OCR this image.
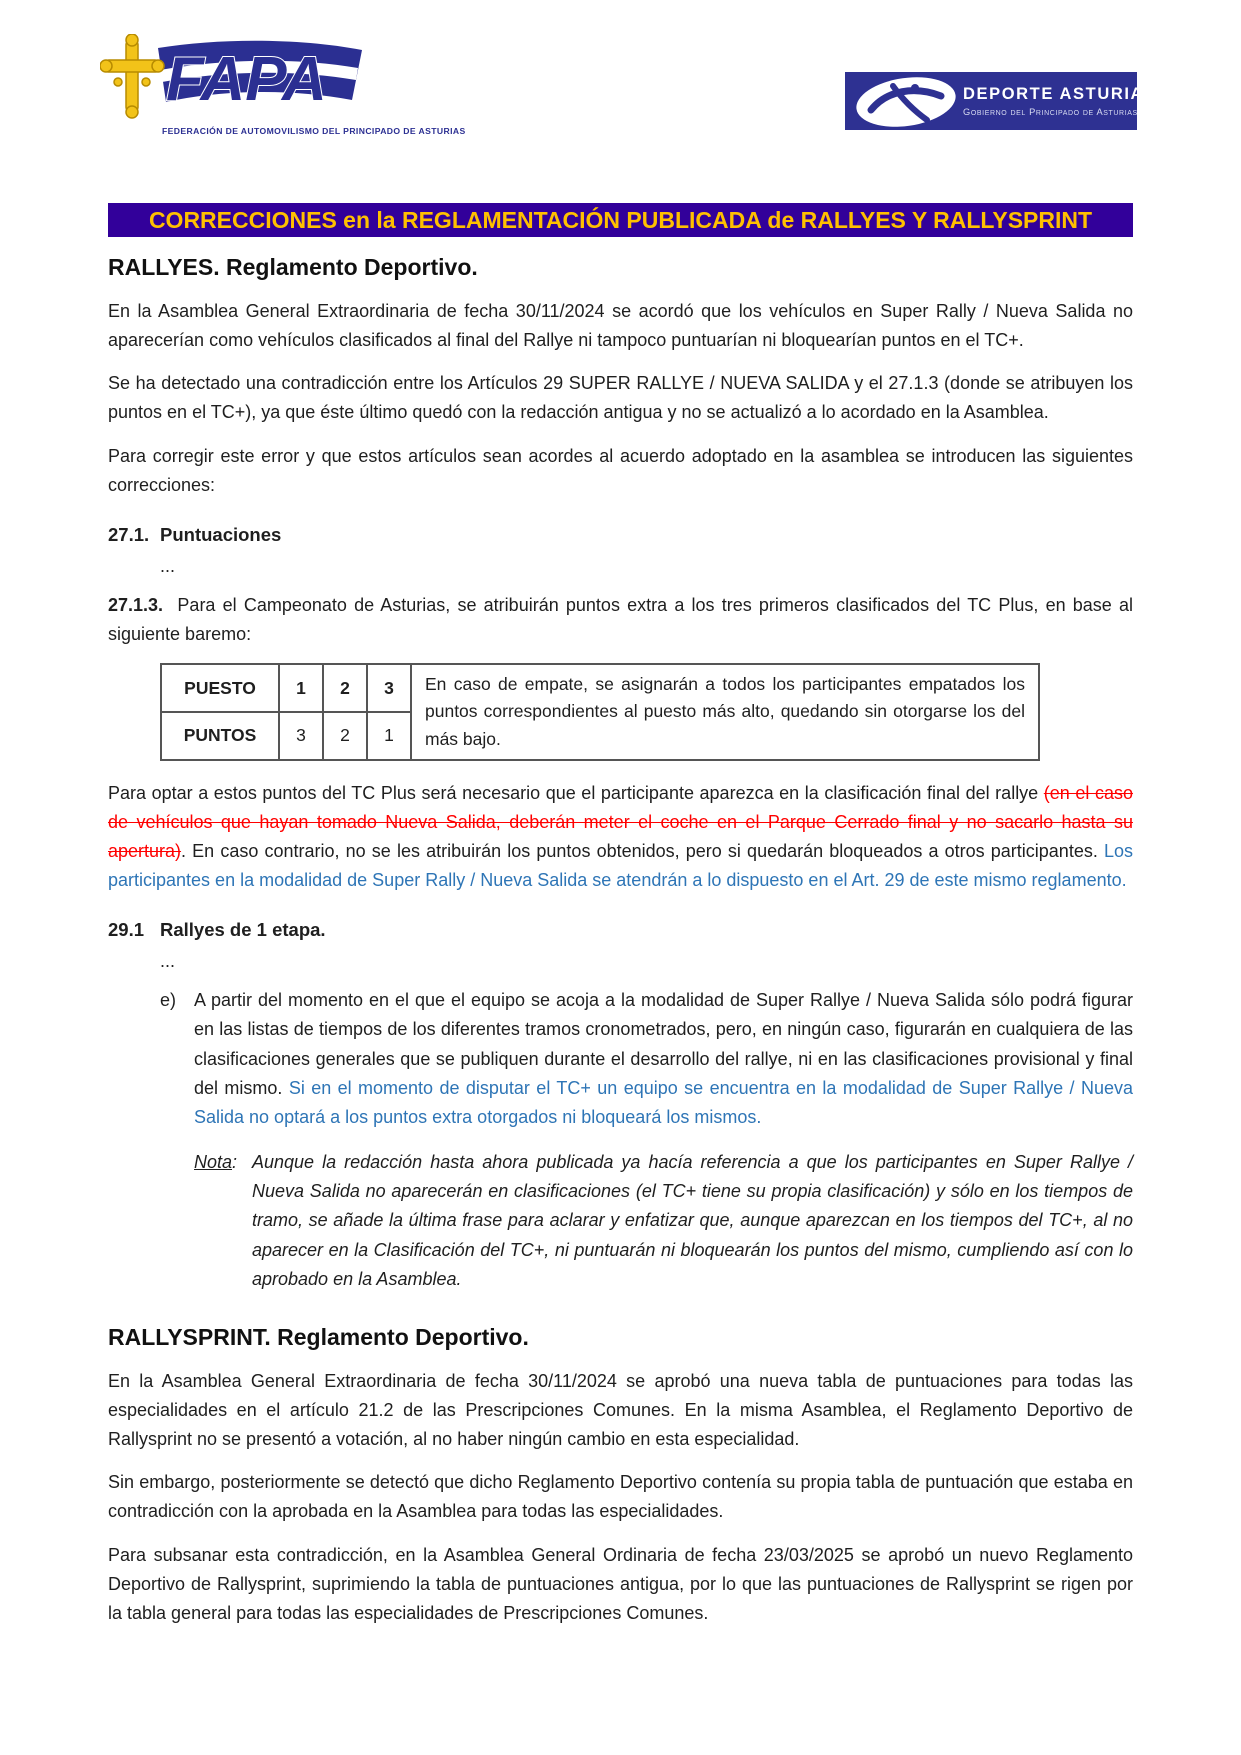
FAPA
FEDERACIÓN DE AUTOMOVILISMO DEL PRINCIPADO DE ASTURIAS
DEPORTE ASTURIANO
Gobierno del Principado de Asturias
CORRECCIONES en la REGLAMENTACIÓN PUBLICADA de RALLYES Y RALLYSPRINT
RALLYES. Reglamento Deportivo.

En la Asamblea General Extraordinaria de fecha 30/11/2024 se acordó que los vehículos en Super Rally / Nueva Salida no aparecerían como vehículos clasificados al final del Rallye ni tampoco puntuarían ni bloquearían puntos en el TC+.

Se ha detectado una contradicción entre los Artículos 29 SUPER RALLYE / NUEVA SALIDA y el 27.1.3 (donde se atribuyen los puntos en el TC+), ya que éste último quedó con la redacción antigua y no se actualizó a lo acordado en la Asamblea.

Para corregir este error y que estos artículos sean acordes al acuerdo adoptado en la asamblea se introducen las siguientes correcciones:

27.1. Puntuaciones
...

27.1.3. Para el Campeonato de Asturias, se atribuirán puntos extra a los tres primeros clasificados del TC Plus, en base al siguiente baremo:

PUESTO	1	2	3	En caso de empate, se asignarán a todos los participantes empatados los puntos correspondientes al puesto más alto, quedando sin otorgarse los del más bajo.
PUNTOS	3	2	1	

Para optar a estos puntos del TC Plus será necesario que el participante aparezca en la clasificación final del rallye (en el caso de vehículos que hayan tomado Nueva Salida, deberán meter el coche en el Parque Cerrado final y no sacarlo hasta su apertura). En caso contrario, no se les atribuirán los puntos obtenidos, pero si quedarán bloqueados a otros participantes. Los participantes en la modalidad de Super Rally / Nueva Salida se atendrán a lo dispuesto en el Art. 29 de este mismo reglamento.

29.1 Rallyes de 1 etapa.
...
e) A partir del momento en el que el equipo se acoja a la modalidad de Super Rallye / Nueva Salida sólo podrá figurar en las listas de tiempos de los diferentes tramos cronometrados, pero, en ningún caso, figurarán en cualquiera de las clasificaciones generales que se publiquen durante el desarrollo del rallye, ni en las clasificaciones provisional y final del mismo. Si en el momento de disputar el TC+ un equipo se encuentra en la modalidad de Super Rallye / Nueva Salida no optará a los puntos extra otorgados ni bloqueará los mismos.
Nota: Aunque la redacción hasta ahora publicada ya hacía referencia a que los participantes en Super Rallye / Nueva Salida no aparecerán en clasificaciones (el TC+ tiene su propia clasificación) y sólo en los tiempos de tramo, se añade la última frase para aclarar y enfatizar que, aunque aparezcan en los tiempos del TC+, al no aparecer en la Clasificación del TC+, ni puntuarán ni bloquearán los puntos del mismo, cumpliendo así con lo aprobado en la Asamblea.
RALLYSPRINT. Reglamento Deportivo.

En la Asamblea General Extraordinaria de fecha 30/11/2024 se aprobó una nueva tabla de puntuaciones para todas las especialidades en el artículo 21.2 de las Prescripciones Comunes. En la misma Asamblea, el Reglamento Deportivo de Rallysprint no se presentó a votación, al no haber ningún cambio en esta especialidad.

Sin embargo, posteriormente se detectó que dicho Reglamento Deportivo contenía su propia tabla de puntuación que estaba en contradicción con la aprobada en la Asamblea para todas las especialidades.

Para subsanar esta contradicción, en la Asamblea General Ordinaria de fecha 23/03/2025 se aprobó un nuevo Reglamento Deportivo de Rallysprint, suprimiendo la tabla de puntuaciones antigua, por lo que las puntuaciones de Rallysprint se rigen por la tabla general para todas las especialidades de Prescripciones Comunes.
